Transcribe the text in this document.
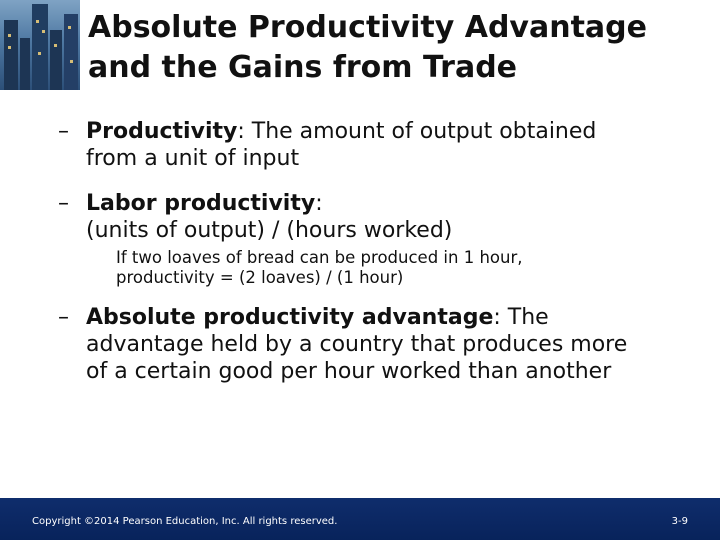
Absolute Productivity Advantage
and the Gains from Trade
– Productivity: The amount of output obtained
from a unit of input
– Labor productivity:
(units of output) / (hours worked)
If two loaves of bread can be produced in 1 hour,
productivity = (2 loaves) / (1 hour)
– Absolute productivity advantage: The
advantage held by a country that produces more
of a certain good per hour worked than another
Copyright ©2014 Pearson Education, Inc. All rights reserved.	3-9
